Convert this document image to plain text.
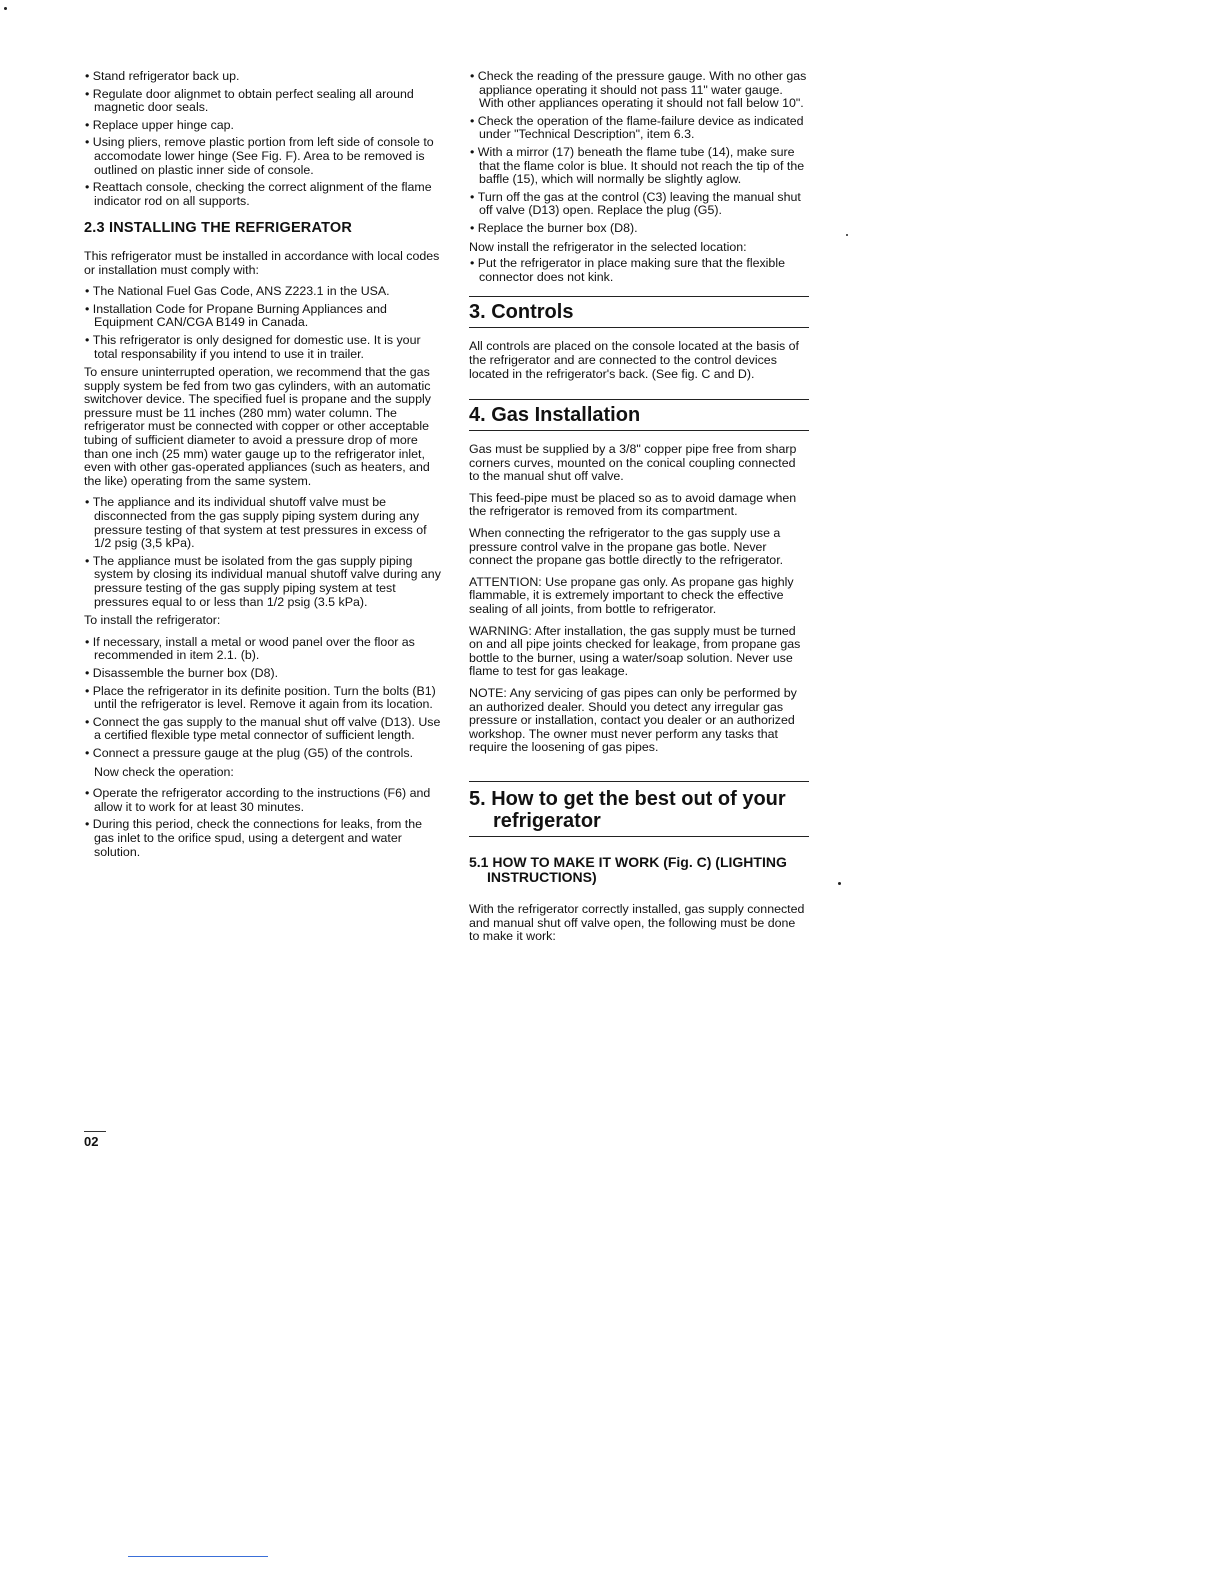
• Stand refrigerator back up.
• Regulate door alignmet to obtain perfect sealing all around magnetic door seals.
• Replace upper hinge cap.
• Using pliers, remove plastic portion from left side of console to accomodate lower hinge (See Fig. F). Area to be removed is outlined on plastic inner side of console.
• Reattach console, checking the correct alignment of the flame indicator rod on all supports.
2.3 INSTALLING THE REFRIGERATOR
This refrigerator must be installed in accordance with local codes or installation must comply with:
• The National Fuel Gas Code, ANS Z223.1 in the USA.
• Installation Code for Propane Burning Appliances and Equipment CAN/CGA B149 in Canada.
• This refrigerator is only designed for domestic use. It is your total responsability if you intend to use it in trailer.
To ensure uninterrupted operation, we recommend that the gas supply system be fed from two gas cylinders, with an automatic switchover device. The specified fuel is propane and the supply pressure must be 11 inches (280 mm) water column. The refrigerator must be connected with copper or other acceptable tubing of sufficient diameter to avoid a pressure drop of more than one inch (25 mm) water gauge up to the refrigerator inlet, even with other gas-operated appliances (such as heaters, and the like) operating from the same system.
• The appliance and its individual shutoff valve must be disconnected from the gas supply piping system during any pressure testing of that system at test pressures in excess of 1/2 psig (3,5 kPa).
• The appliance must be isolated from the gas supply piping system by closing its individual manual shutoff valve during any pressure testing of the gas supply piping system at test pressures equal to or less than 1/2 psig (3.5 kPa).
To install the refrigerator:
• If necessary, install a metal or wood panel over the floor as recommended in item 2.1. (b).
• Disassemble the burner box (D8).
• Place the refrigerator in its definite position. Turn the bolts (B1) until the refrigerator is level. Remove it again from its location.
• Connect the gas supply to the manual shut off valve (D13). Use a certified flexible type metal connector of sufficient length.
• Connect a pressure gauge at the plug (G5) of the controls.
Now check the operation:
• Operate the refrigerator according to the instructions (F6) and allow it to work for at least 30 minutes.
• During this period, check the connections for leaks, from the gas inlet to the orifice spud, using a detergent and water solution.
02
• Check the reading of the pressure gauge. With no other gas appliance operating it should not pass 11" water gauge. With other appliances operating it should not fall below 10".
• Check the operation of the flame-failure device as indicated under "Technical Description", item 6.3.
• With a mirror (17) beneath the flame tube (14), make sure that the flame color is blue. It should not reach the tip of the baffle (15), which will normally be slightly aglow.
• Turn off the gas at the control (C3) leaving the manual shut off valve (D13) open. Replace the plug (G5).
• Replace the burner box (D8).
Now install the refrigerator in the selected location:
• Put the refrigerator in place making sure that the flexible connector does not kink.
3. Controls
All controls are placed on the console located at the basis of the refrigerator and are connected to the control devices located in the refrigerator's back. (See fig. C and D).
4. Gas Installation
Gas must be supplied by a 3/8" copper pipe free from sharp corners curves, mounted on the conical coupling connected to the manual shut off valve.
This feed-pipe must be placed so as to avoid damage when the refrigerator is removed from its compartment.
When connecting the refrigerator to the gas supply use a pressure control valve in the propane gas botle. Never connect the propane gas bottle directly to the refrigerator.
ATTENTION: Use propane gas only. As propane gas highly flammable, it is extremely important to check the effective sealing of all joints, from bottle to refrigerator.
WARNING: After installation, the gas supply must be turned on and all pipe joints checked for leakage, from propane gas bottle to the burner, using a water/soap solution. Never use flame to test for gas leakage.
NOTE: Any servicing of gas pipes can only be performed by an authorized dealer. Should you detect any irregular gas pressure or installation, contact you dealer or an authorized workshop. The owner must never perform any tasks that require the loosening of gas pipes.
5. How to get the best out of your refrigerator
5.1 HOW TO MAKE IT WORK (Fig. C) (LIGHTING INSTRUCTIONS)
With the refrigerator correctly installed, gas supply connected and manual shut off valve open, the following must be done to make it work:
